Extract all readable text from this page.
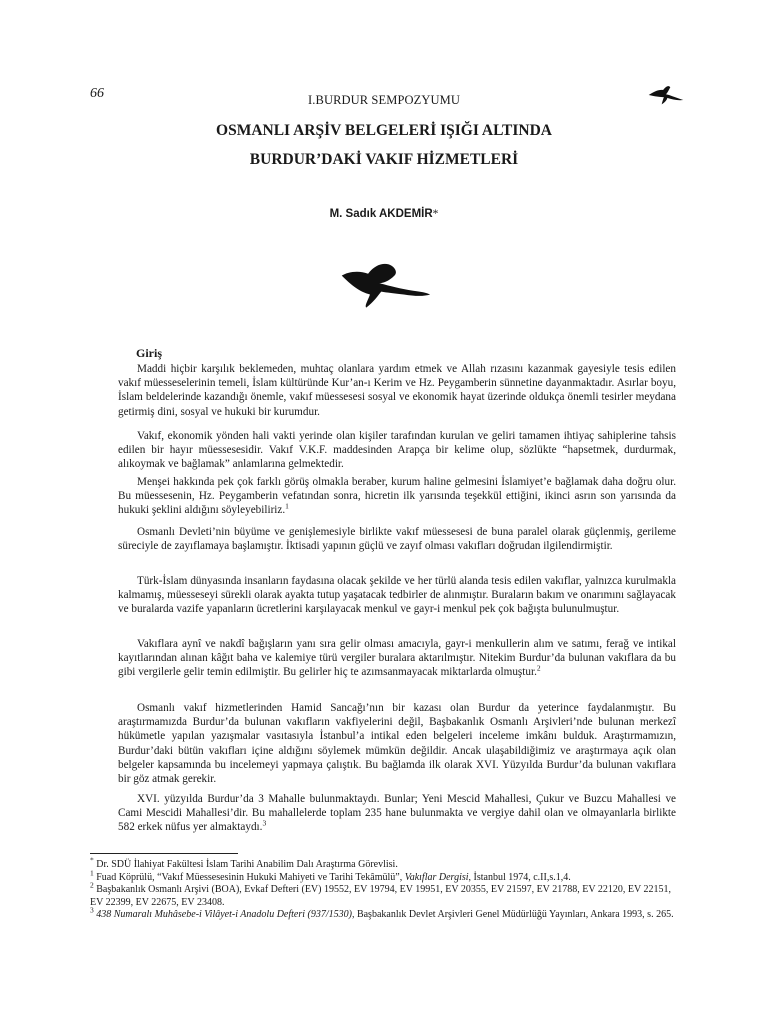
66	I.BURDUR SEMPOZYUMU
OSMANLI ARŞİV BELGELERİ IŞIĞI ALTINDA
BURDUR’DAKİ VAKIF HİZMETLERİ
M. Sadık AKDEMİR*
Giriş

Maddi hiçbir karşılık beklemeden, muhtaç olanlara yardım etmek ve Allah rızasını kazanmak gayesiyle tesis edilen vakıf müesseselerinin temeli, İslam kültüründe Kur’an-ı Kerim ve Hz. Peygamberin sünnetine dayanmaktadır. Asırlar boyu, İslam beldelerinde kazandığı önemle, vakıf müessesesi sosyal ve ekonomik hayat üzerinde oldukça önemli tesirler meydana getirmiş dini, sosyal ve hukuki bir kurumdur.

Vakıf, ekonomik yönden hali vakti yerinde olan kişiler tarafından kurulan ve geliri tamamen ihtiyaç sahiplerine tahsis edilen bir hayır müessesesidir. Vakıf V.K.F. maddesinden Arapça bir kelime olup, sözlükte “hapsetmek, durdurmak, alıkoymak ve bağlamak” anlamlarına gelmektedir.

Menşei hakkında pek çok farklı görüş olmakla beraber, kurum haline gelmesini İslamiyet’e bağlamak daha doğru olur. Bu müessesenin, Hz. Peygamberin vefatından sonra, hicretin ilk yarısında teşekkül ettiğini, ikinci asrın son yarısında da hukuki şeklini aldığını söyleyebiliriz.$^1$

Osmanlı Devleti’nin büyüme ve genişlemesiyle birlikte vakıf müessesesi de buna paralel olarak güçlenmiş, gerileme süreciyle de zayıflamaya başlamıştır. İktisadi yapının güçlü ve zayıf olması vakıfları doğrudan ilgilendirmiştir.

Türk-İslam dünyasında insanların faydasına olacak şekilde ve her türlü alanda tesis edilen vakıflar, yalnızca kurulmakla kalmamış, müesseseyi sürekli olarak ayakta tutup yaşatacak tedbirler de alınmıştır. Buraların bakım ve onarımını sağlayacak ve buralarda vazife yapanların ücretlerini karşılayacak menkul ve gayr-i menkul pek çok bağışta bulunulmuştur.

Vakıflara aynî ve nakdî bağışların yanı sıra gelir olması amacıyla, gayr-i menkullerin alım ve satımı, ferağ ve intikal kayıtlarından alınan kâğıt baha ve kalemiye türü vergiler buralara aktarılmıştır. Nitekim Burdur’da bulunan vakıflara da bu gibi vergilerle gelir temin edilmiştir. Bu gelirler hiç te azımsanmayacak miktarlarda olmuştur.$^2$

Osmanlı vakıf hizmetlerinden Hamid Sancağı’nın bir kazası olan Burdur da yeterince faydalanmıştır. Bu araştırmamızda Burdur’da bulunan vakıfların vakfiyelerini değil, Başbakanlık Osmanlı Arşivleri’nde bulunan merkezî hükümetle yapılan yazışmalar vasıtasıyla İstanbul’a intikal eden belgeleri inceleme imkânı bulduk. Araştırmamızın, Burdur’daki bütün vakıfları içine aldığını söylemek mümkün değildir. Ancak ulaşabildiğimiz ve araştırmaya açık olan belgeler kapsamında bu incelemeyi yapmaya çalıştık. Bu bağlamda ilk olarak XVI. Yüzyılda Burdur’da bulunan vakıflara bir göz atmak gerekir.

XVI. yüzyılda Burdur’da 3 Mahalle bulunmaktaydı. Bunlar; Yeni Mescid Mahallesi, Çukur ve Buzcu Mahallesi ve Cami Mescidi Mahallesi’dir. Bu mahallelerde toplam 235 hane bulunmakta ve vergiye dahil olan ve olmayanlarla birlikte 582 erkek nüfus yer almaktaydı.$^3$

* Dr. SDÜ İlahiyat Fakültesi İslam Tarihi Anabilim Dalı Araştırma Görevlisi.

$^1$ Fuad Köprülü, “Vakıf Müessesesinin Hukuki Mahiyeti ve Tarihi Tekâmülü”, Vakıflar Dergisi, İstanbul 1974, c.II,s.1,4.

$^2$ Başbakanlık Osmanlı Arşivi (BOA), Evkaf Defteri (EV) 19552, EV 19794, EV 19951, EV 20355, EV 21597, EV 21788, EV 22120, EV 22151, EV 22399, EV 22675, EV 23408.

$^3$ 438 Numaralı Muhâsebe-i Vilâyet-i Anadolu Defteri (937/1530), Başbakanlık Devlet Arşivleri Genel Müdürlüğü Yayınları, Ankara 1993, s. 265.
